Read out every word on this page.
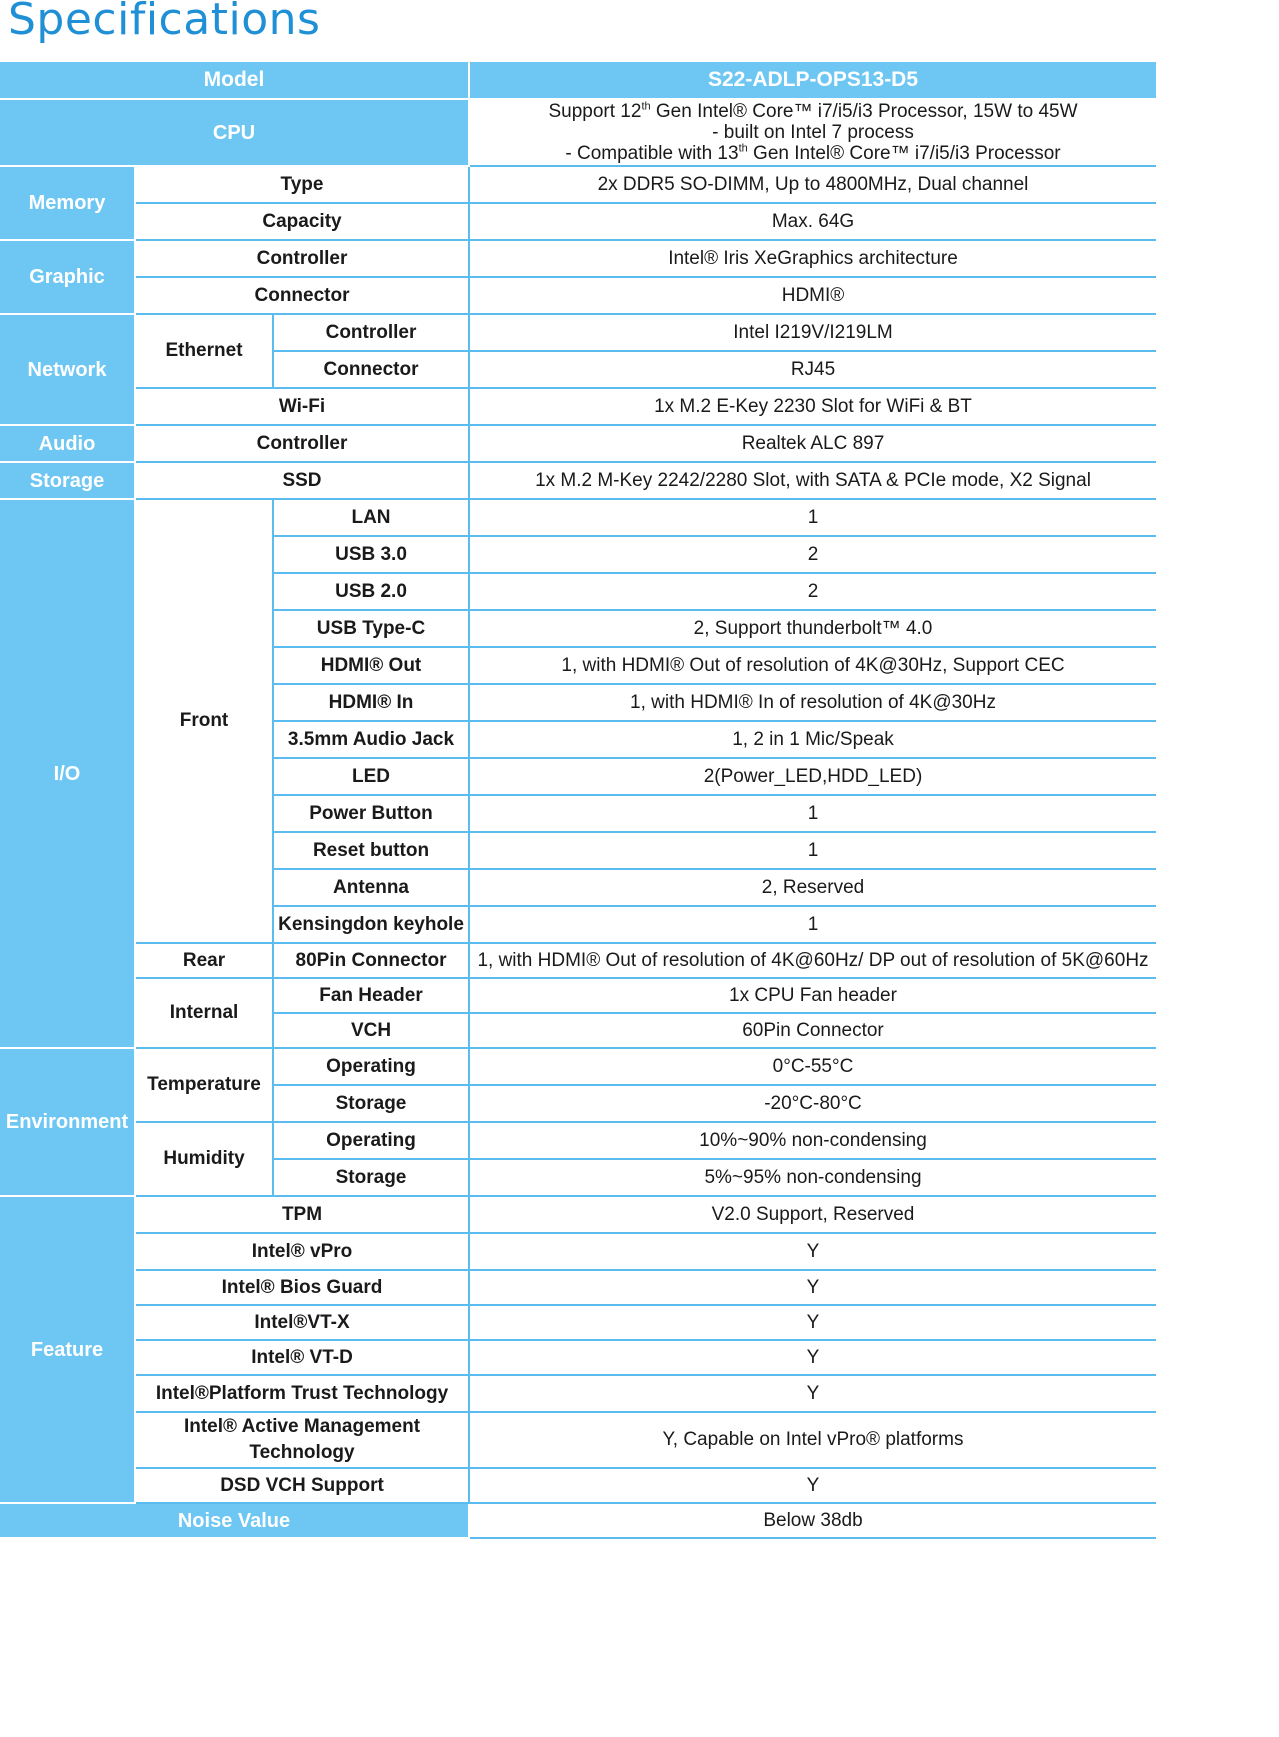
Specifications
Model			S22-ADLP-OPS13-D5
CPU			Support 12th Gen Intel® Core™ i7/i5/i3 Processor, 15W to 45W
- built on Intel 7 process
- Compatible with 13th Gen Intel® Core™ i7/i5/i3 Processor

Memory	Type		2x DDR5 SO-DIMM, Up to 4800MHz, Dual channel
	Capacity		Max. 64G
Graphic	Controller		Intel® Iris XeGraphics architecture
	Connector		HDMI®
Network	Ethernet	Controller	Intel I219V/I219LM
		Connector	RJ45
	Wi-Fi		1x M.2 E-Key 2230 Slot for WiFi & BT
Audio	Controller		Realtek ALC 897
Storage	SSD		1x M.2 M-Key 2242/2280 Slot, with SATA & PCIe mode, X2 Signal
I/O	Front	LAN	1
		USB 3.0	2
		USB 2.0	2
		USB Type-C	2, Support thunderbolt™ 4.0
		HDMI® Out	1, with HDMI® Out of resolution of 4K@30Hz, Support CEC
		HDMI® In	1, with HDMI® In of resolution of 4K@30Hz
		3.5mm Audio Jack	1, 2 in 1 Mic/Speak
		LED	2(Power_LED,HDD_LED)
		Power Button	1
		Reset button	1
		Antenna	2, Reserved
		Kensingdon keyhole	1
	Rear	80Pin Connector	1, with HDMI® Out of resolution of 4K@60Hz/ DP out of resolution of 5K@60Hz
	Internal	Fan Header	1x CPU Fan header
		VCH	60Pin Connector
Environment	Temperature	Operating	0°C-55°C
		Storage	-20°C-80°C
	Humidity	Operating	10%~90% non-condensing
		Storage	5%~95% non-condensing
Feature	TPM		V2.0 Support, Reserved
	Intel® vPro		Y
	Intel® Bios Guard		Y
	Intel®VT-X		Y
	Intel® VT-D		Y
	Intel®Platform Trust Technology		Y
	Intel® Active Management Technology		Y, Capable on Intel vPro® platforms
	DSD VCH Support		Y
Noise Value			Below 38db
